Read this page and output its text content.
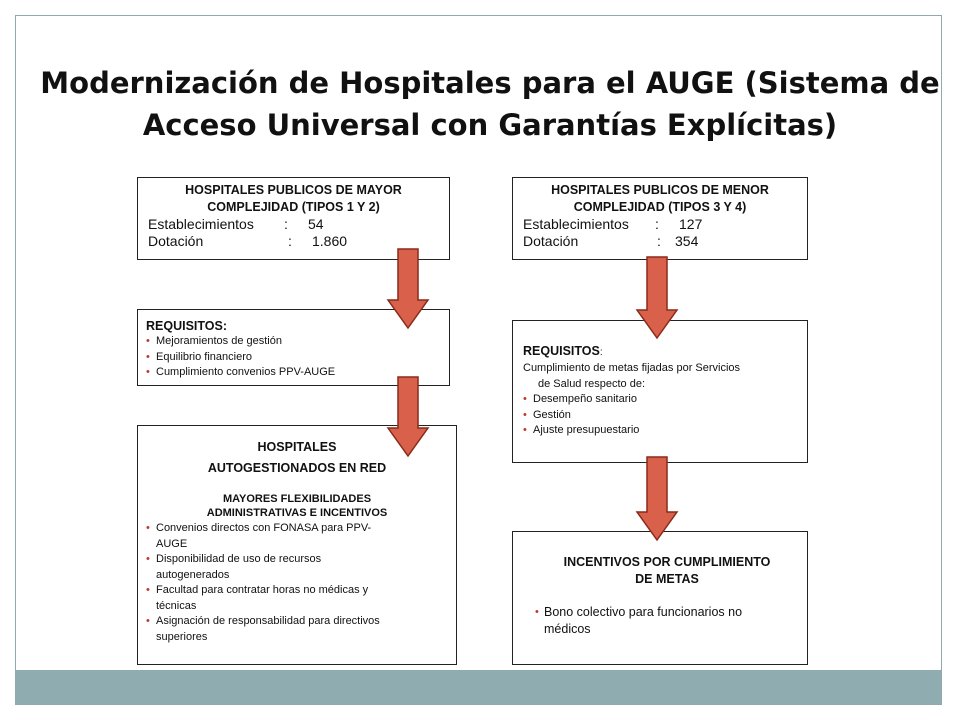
Modernización de Hospitales para el AUGE (Sistema de Acceso Universal con Garantías Explícitas)
HOSPITALES PUBLICOS DE MAYOR
COMPLEJIDAD (TIPOS 1 Y 2)
Establecimientos	:	54
Dotación	:	1.860
REQUISITOS:
• Mejoramientos de gestión
• Equilibrio financiero
• Cumplimiento convenios PPV-AUGE
HOSPITALES
AUTOGESTIONADOS EN RED
MAYORES FLEXIBILIDADES
ADMINISTRATIVAS E INCENTIVOS
• Convenios directos con FONASA para PPV-
AUGE
• Disponibilidad de uso de recursos
autogenerados
• Facultad para contratar horas no médicas y
técnicas
• Asignación de responsabilidad para directivos
superiores
HOSPITALES PUBLICOS DE MENOR
COMPLEJIDAD (TIPOS 3 Y 4)
Establecimientos	:	127
Dotación	:	354
REQUISITOS:
Cumplimiento de metas fijadas por Servicios
de Salud respecto de:
• Desempeño sanitario
• Gestión
• Ajuste presupuestario
INCENTIVOS POR CUMPLIMIENTO
DE METAS
• Bono colectivo para funcionarios no
médicos
